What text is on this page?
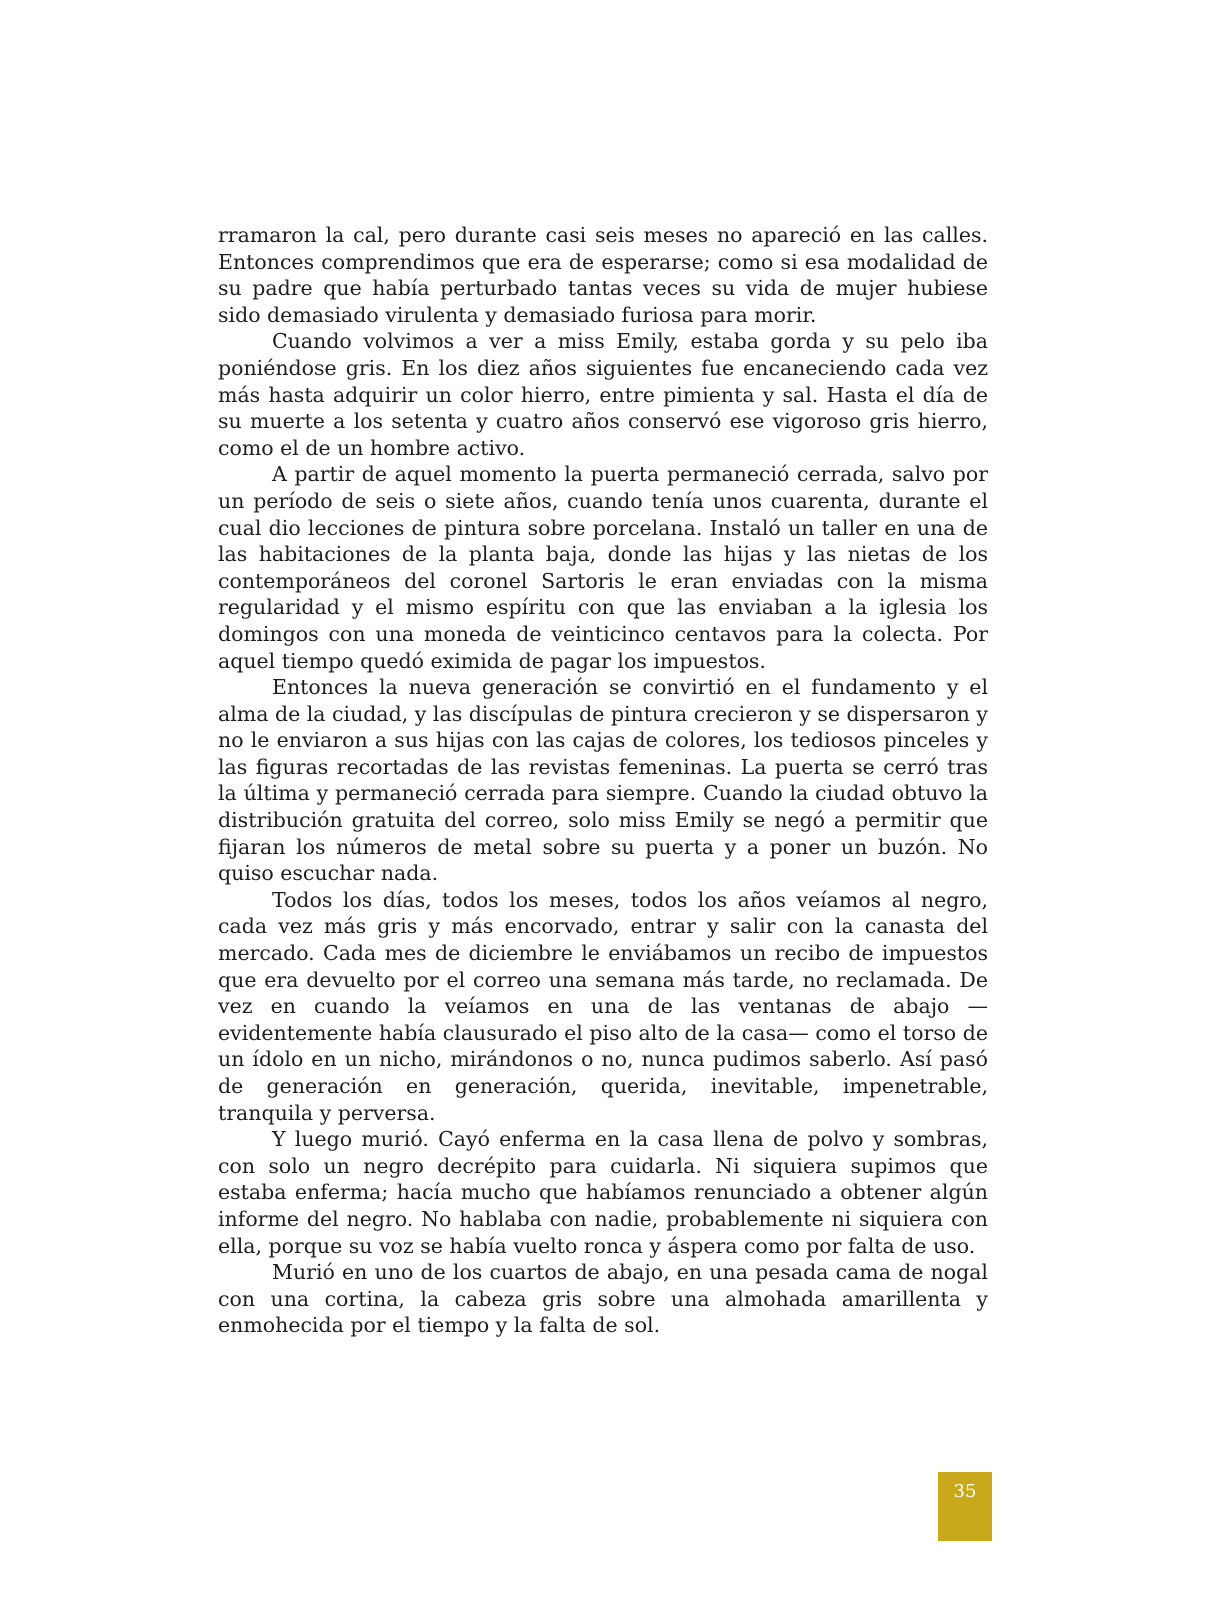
rramaron la cal, pero durante casi seis meses no apareció en las calles. Entonces comprendimos que era de esperarse; como si esa modalidad de su padre que había perturbado tantas veces su vida de mujer hubiese sido demasiado virulenta y demasiado furiosa para morir.

Cuando volvimos a ver a miss Emily, estaba gorda y su pelo iba poniéndose gris. En los diez años siguientes fue encaneciendo cada vez más hasta adquirir un color hierro, entre pimienta y sal. Hasta el día de su muerte a los setenta y cuatro años conservó ese vigoroso gris hierro, como el de un hombre activo.

A partir de aquel momento la puerta permaneció cerrada, salvo por un período de seis o siete años, cuando tenía unos cuarenta, durante el cual dio lecciones de pintura sobre porcelana. Instaló un taller en una de las habitaciones de la planta baja, donde las hijas y las nietas de los contemporáneos del coronel Sartoris le eran enviadas con la misma regularidad y el mismo espíritu con que las enviaban a la iglesia los domingos con una moneda de veinticinco centavos para la colecta. Por aquel tiempo quedó eximida de pagar los impuestos.

Entonces la nueva generación se convirtió en el fundamento y el alma de la ciudad, y las discípulas de pintura crecieron y se dispersaron y no le enviaron a sus hijas con las cajas de colores, los tediosos pinceles y las figuras recortadas de las revistas femeninas. La puerta se cerró tras la última y permaneció cerrada para siempre. Cuando la ciudad obtuvo la distribución gratuita del correo, solo miss Emily se negó a permitir que fijaran los números de metal sobre su puerta y a poner un buzón. No quiso escuchar nada.

Todos los días, todos los meses, todos los años veíamos al negro, cada vez más gris y más encorvado, entrar y salir con la canasta del mercado. Cada mes de diciembre le enviábamos un recibo de impuestos que era devuelto por el correo una semana más tarde, no reclamada. De vez en cuando la veíamos en una de las ventanas de abajo —evidentemente había clausurado el piso alto de la casa— como el torso de un ídolo en un nicho, mirándonos o no, nunca pudimos saberlo. Así pasó de generación en generación, querida, inevitable, impenetrable, tranquila y perversa.

Y luego murió. Cayó enferma en la casa llena de polvo y sombras, con solo un negro decrépito para cuidarla. Ni siquiera supimos que estaba enferma; hacía mucho que habíamos renunciado a obtener algún informe del negro. No hablaba con nadie, probablemente ni siquiera con ella, porque su voz se había vuelto ronca y áspera como por falta de uso.

Murió en uno de los cuartos de abajo, en una pesada cama de nogal con una cortina, la cabeza gris sobre una almohada amarillenta y enmohecida por el tiempo y la falta de sol.

35
